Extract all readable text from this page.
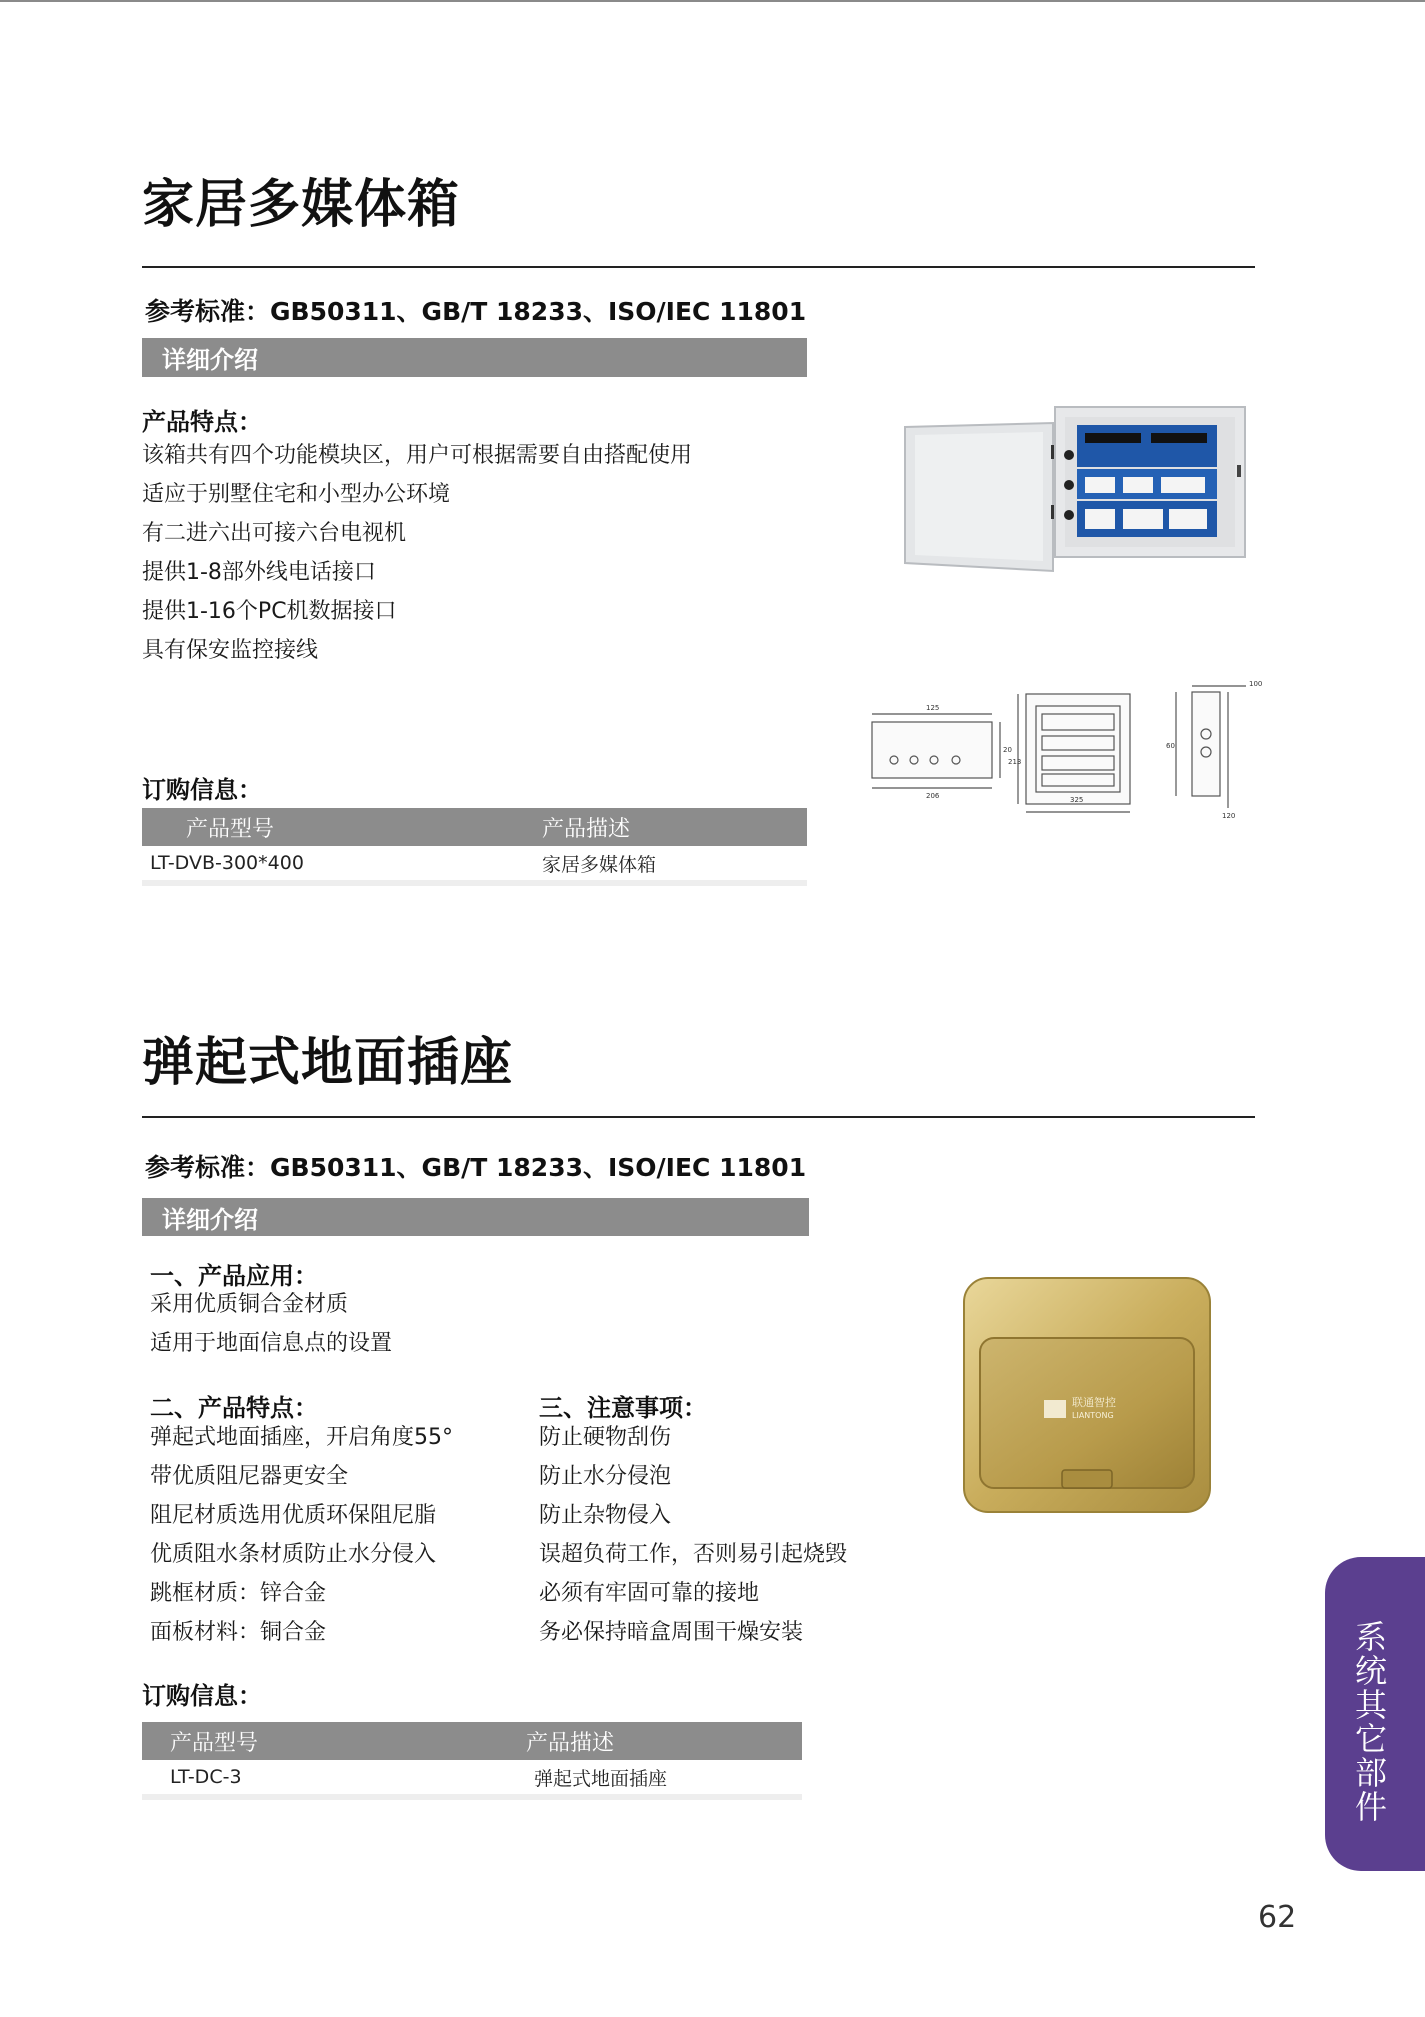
家居多媒体箱
参考标准：GB50311、GB/T 18233、ISO/IEC 11801
详细介绍
产品特点：
该箱共有四个功能模块区，用户可根据需要自由搭配使用
适应于别墅住宅和小型办公环境
有二进六出可接六台电视机
提供1-8部外线电话接口
提供1-16个PC机数据接口
具有保安监控接线
100
125
206	325
120
20
213
60
订购信息：
产品型号	产品描述
LT-DVB-300*400	家居多媒体箱
弹起式地面插座
参考标准：GB50311、GB/T 18233、ISO/IEC 11801
详细介绍
一、产品应用：
采用优质铜合金材质
适用于地面信息点的设置
二、产品特点：
弹起式地面插座，开启角度55°
带优质阻尼器更安全
阻尼材质选用优质环保阻尼脂
优质阻水条材质防止水分侵入
跳框材质：锌合金
面板材料：铜合金
三、注意事项：
防止硬物刮伤
防止水分侵泡
防止杂物侵入
误超负荷工作，否则易引起烧毁
必须有牢固可靠的接地
务必保持暗盒周围干燥安装
联通智控
LIANTONG
订购信息：
产品型号	产品描述
LT-DC-3	弹起式地面插座	系统其它部件
62
